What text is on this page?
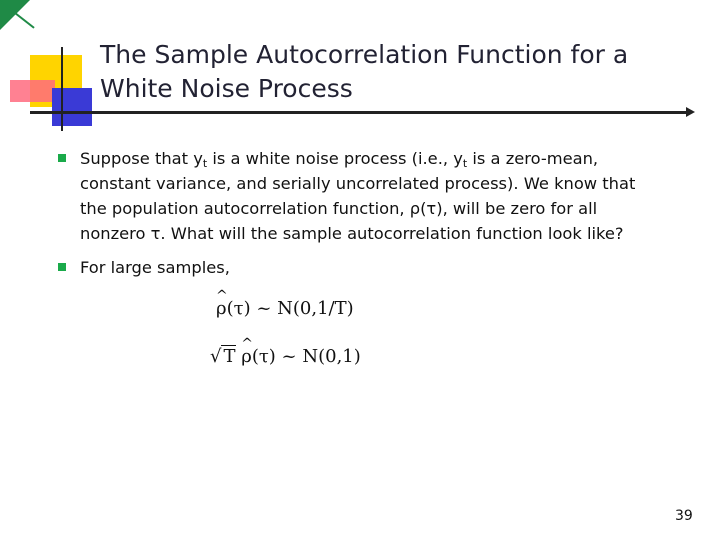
The Sample Autocorrelation Function for a
White Noise Process
Suppose that $y_t$ is a white noise process (i.e., $y_t$ is a zero-mean,
constant variance, and serially uncorrelated process). We know that
the population autocorrelation function, ρ(τ), will be zero for all
nonzero τ. What will the sample autocorrelation function look like?
For large samples,
^ ρ(τ) ~ N(0,1/T)
√ T ^ ρ(τ) ~ N(0,1)
39
